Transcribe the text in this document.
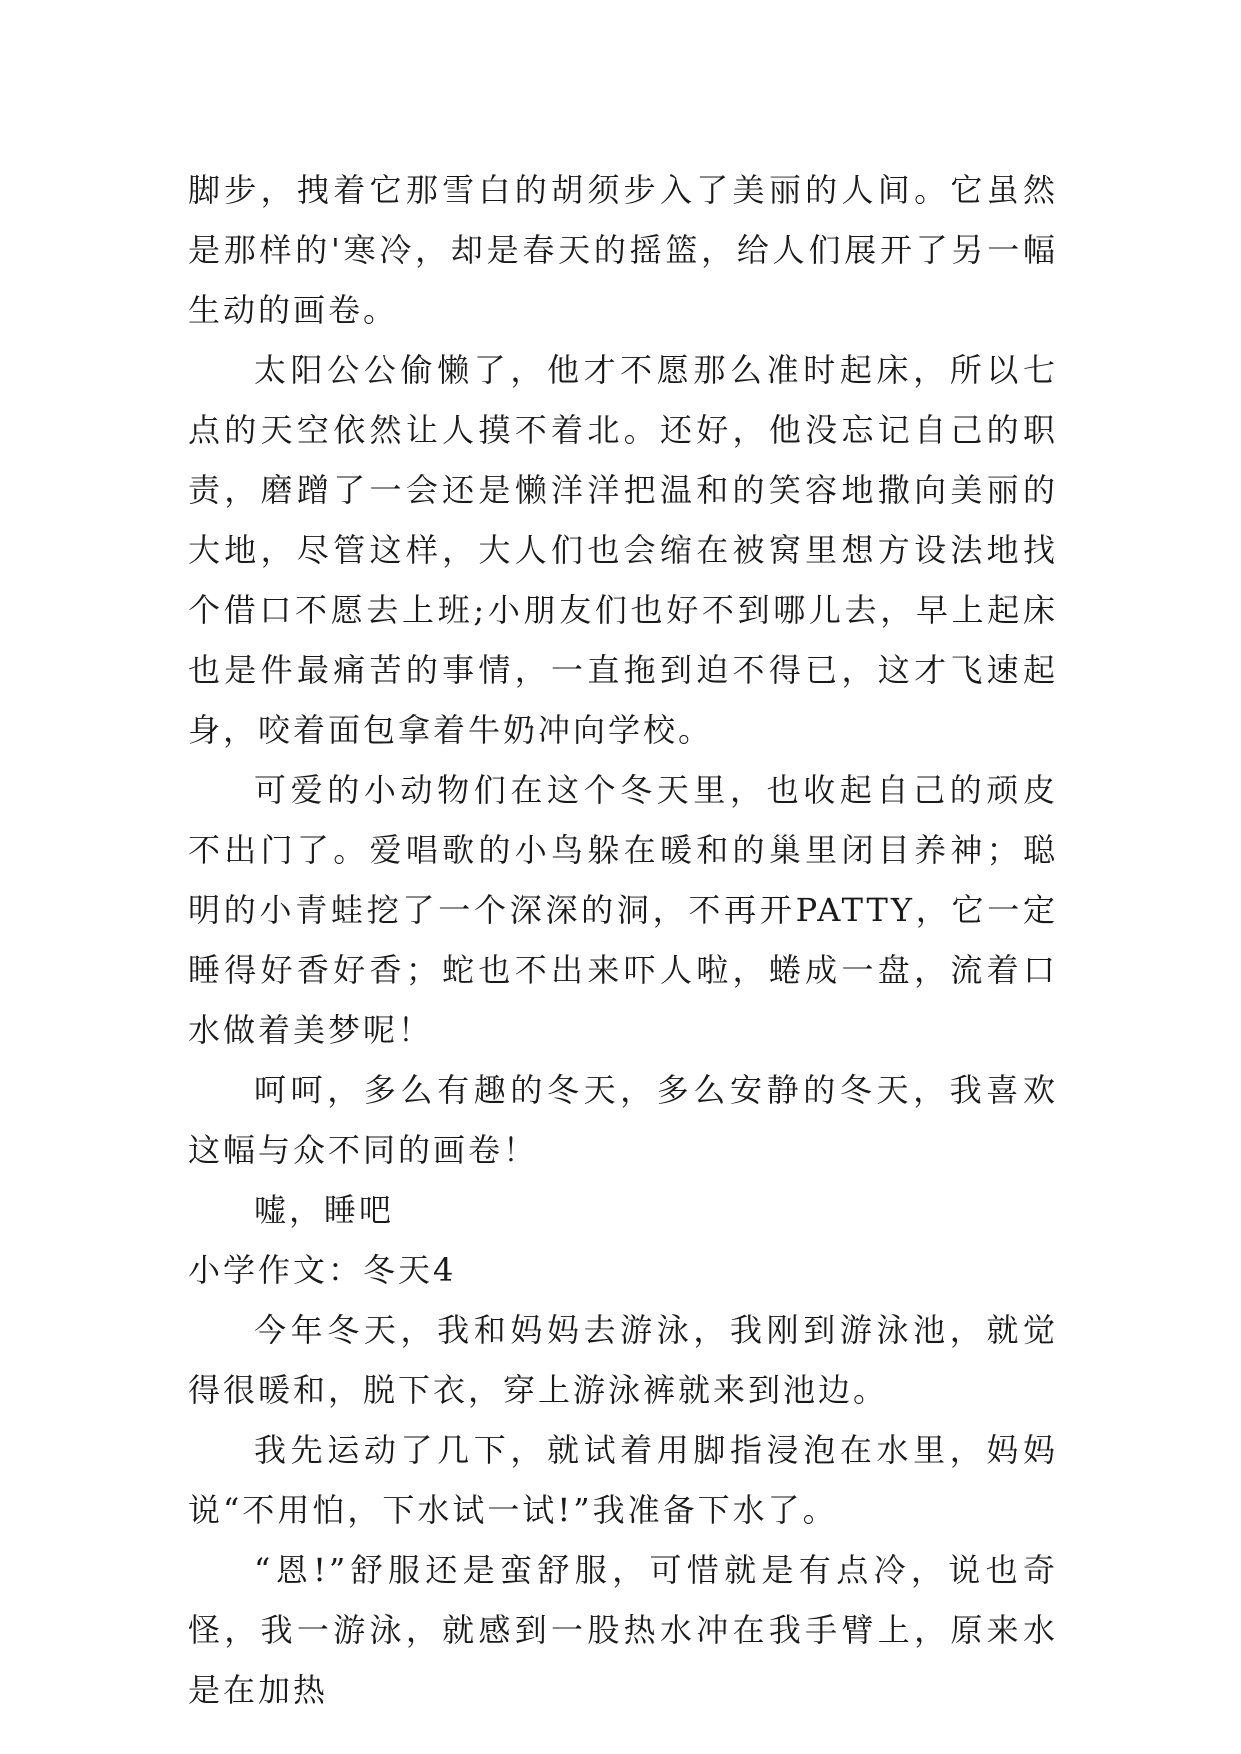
脚步，拽着它那雪白的胡须步入了美丽的人间。它虽然是那样的'寒冷，却是春天的摇篮，给人们展开了另一幅生动的画卷。

太阳公公偷懒了，他才不愿那么准时起床，所以七点的天空依然让人摸不着北。还好，他没忘记自己的职责，磨蹭了一会还是懒洋洋把温和的笑容地撒向美丽的大地，尽管这样，大人们也会缩在被窝里想方设法地找个借口不愿去上班;小朋友们也好不到哪儿去，早上起床也是件最痛苦的事情，一直拖到迫不得已，这才飞速起身，咬着面包拿着牛奶冲向学校。

可爱的小动物们在这个冬天里，也收起自己的顽皮不出门了。爱唱歌的小鸟躲在暖和的巢里闭目养神；聪明的小青蛙挖了一个深深的洞，不再开PATTY，它一定睡得好香好香；蛇也不出来吓人啦，蜷成一盘，流着口水做着美梦呢！

呵呵，多么有趣的冬天，多么安静的冬天，我喜欢这幅与众不同的画卷！

嘘，睡吧

小学作文：冬天4

今年冬天，我和妈妈去游泳，我刚到游泳池，就觉得很暖和，脱下衣，穿上游泳裤就来到池边。

我先运动了几下，就试着用脚指浸泡在水里，妈妈说“不用怕，下水试一试!”我准备下水了。

“恩!”舒服还是蛮舒服，可惜就是有点冷，说也奇怪，我一游泳，就感到一股热水冲在我手臂上，原来水是在加热
